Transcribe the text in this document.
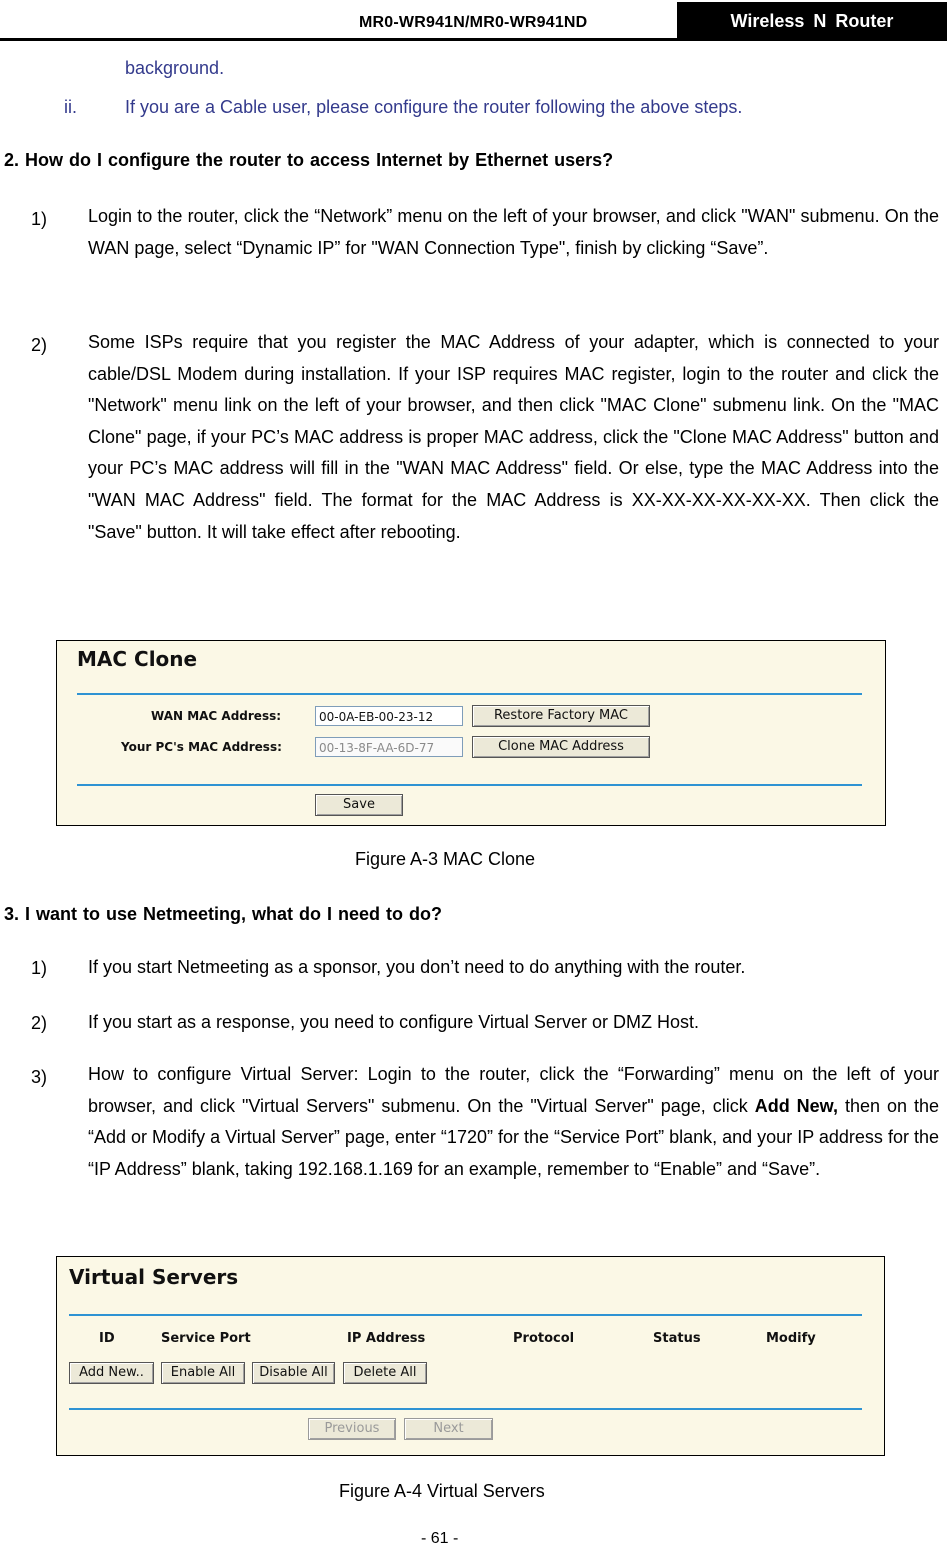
MR0-WR941N/MR0-WR941ND	Wireless N Router
background.
ii.	If you are a Cable user, please configure the router following the above steps.
2. How do I configure the router to access Internet by Ethernet users?
1) Login to the router, click the “Network” menu on the left of your browser, and click "WAN" submenu. On the WAN page, select “Dynamic IP” for "WAN Connection Type", finish by clicking “Save”.

2) Some ISPs require that you register the MAC Address of your adapter, which is connected to your cable/DSL Modem during installation. If your ISP requires MAC register, login to the router and click the "Network" menu link on the left of your browser, and then click "MAC Clone" submenu link. On the "MAC Clone" page, if your PC’s MAC address is proper MAC address, click the "Clone MAC Address" button and your PC’s MAC address will fill in the "WAN MAC Address" field. Or else, type the MAC Address into the "WAN MAC Address" field. The format for the MAC Address is XX-XX-XX-XX-XX-XX. Then click the "Save" button. It will take effect after rebooting.

MAC Clone
WAN MAC Address:	00-0A-EB-00-23-12	Restore Factory MAC
Your PC's MAC Address:	00-13-8F-AA-6D-77	Clone MAC Address
Save
Figure A-3 MAC Clone
3. I want to use Netmeeting, what do I need to do?
1) If you start Netmeeting as a sponsor, you don’t need to do anything with the router.
2) If you start as a response, you need to configure Virtual Server or DMZ Host.
3) How to configure Virtual Server: Login to the router, click the “Forwarding” menu on the left of your browser, and click "Virtual Servers" submenu. On the "Virtual Server" page, click Add New, then on the “Add or Modify a Virtual Server” page, enter “1720” for the “Service Port” blank, and your IP address for the “IP Address” blank, taking 192.168.1.169 for an example, remember to “Enable” and “Save”.

Virtual Servers
ID	Service Port	IP Address	Protocol	Status	Modify
Add New..	Enable All	Disable All	Delete All
Previous	Next
Figure A-4 Virtual Servers
- 61 -
